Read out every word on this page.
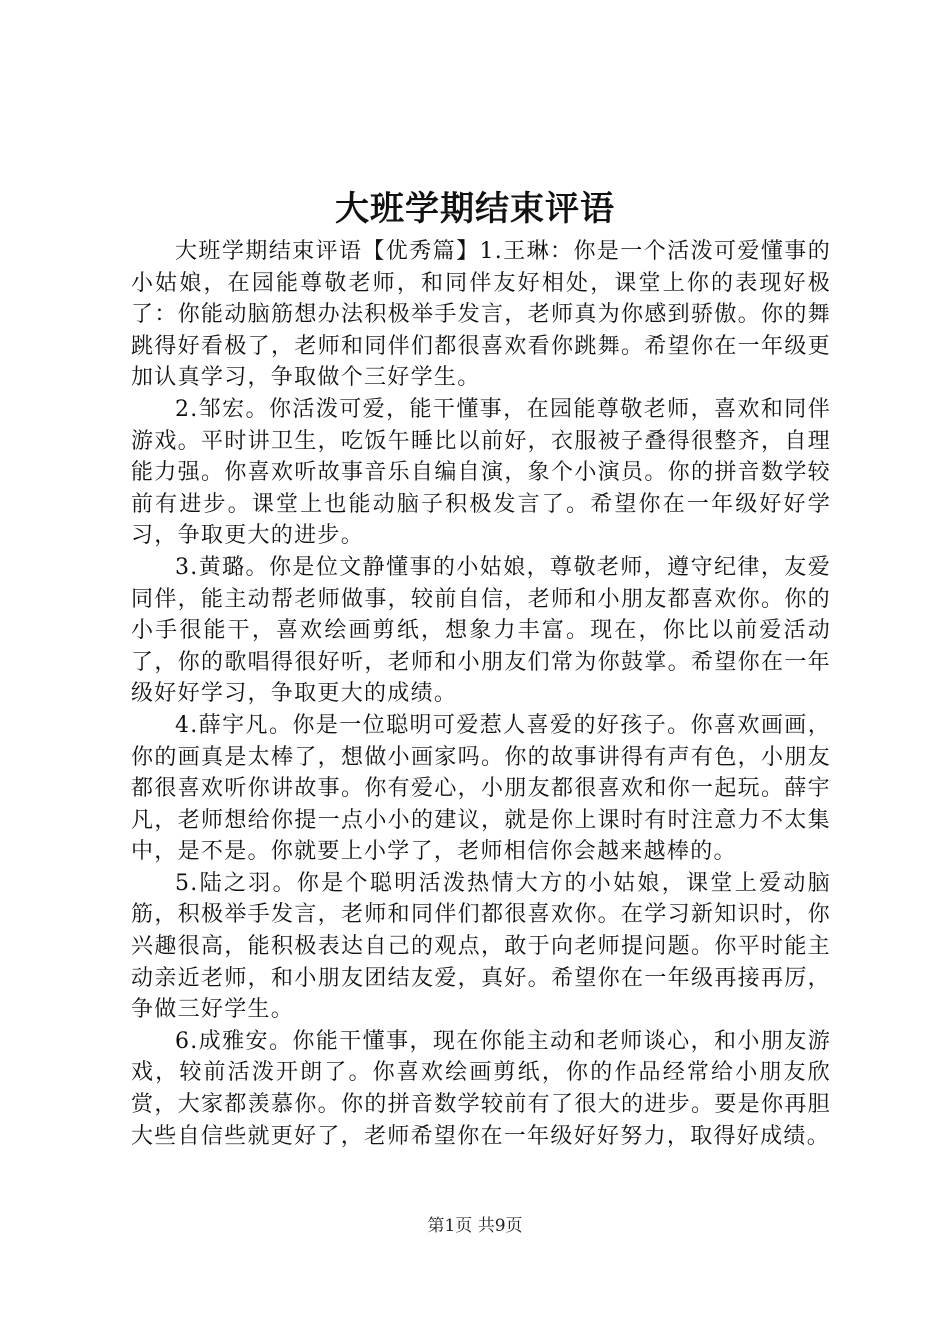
大班学期结束评语

大班学期结束评语【优秀篇】1.王琳：你是一个活泼可爱懂事的小姑娘，在园能尊敬老师，和同伴友好相处，课堂上你的表现好极了：你能动脑筋想办法积极举手发言，老师真为你感到骄傲。你的舞跳得好看极了，老师和同伴们都很喜欢看你跳舞。希望你在一年级更加认真学习，争取做个三好学生。

2.邹宏。你活泼可爱，能干懂事，在园能尊敬老师，喜欢和同伴游戏。平时讲卫生，吃饭午睡比以前好，衣服被子叠得很整齐，自理能力强。你喜欢听故事音乐自编自演，象个小演员。你的拼音数学较前有进步。课堂上也能动脑子积极发言了。希望你在一年级好好学习，争取更大的进步。

3.黄璐。你是位文静懂事的小姑娘，尊敬老师，遵守纪律，友爱同伴，能主动帮老师做事，较前自信，老师和小朋友都喜欢你。你的小手很能干，喜欢绘画剪纸，想象力丰富。现在，你比以前爱活动了，你的歌唱得很好听，老师和小朋友们常为你鼓掌。希望你在一年级好好学习，争取更大的成绩。

4.薛宇凡。你是一位聪明可爱惹人喜爱的好孩子。你喜欢画画，你的画真是太棒了，想做小画家吗。你的故事讲得有声有色，小朋友都很喜欢听你讲故事。你有爱心，小朋友都很喜欢和你一起玩。薛宇凡，老师想给你提一点小小的建议，就是你上课时有时注意力不太集中，是不是。你就要上小学了，老师相信你会越来越棒的。

5.陆之羽。你是个聪明活泼热情大方的小姑娘，课堂上爱动脑筋，积极举手发言，老师和同伴们都很喜欢你。在学习新知识时，你兴趣很高，能积极表达自己的观点，敢于向老师提问题。你平时能主动亲近老师，和小朋友团结友爱，真好。希望你在一年级再接再厉，争做三好学生。

6.成雅安。你能干懂事，现在你能主动和老师谈心，和小朋友游戏，较前活泼开朗了。你喜欢绘画剪纸，你的作品经常给小朋友欣赏，大家都羡慕你。你的拼音数学较前有了很大的进步。要是你再胆大些自信些就更好了，老师希望你在一年级好好努力，取得好成绩。

第1页 共9页
